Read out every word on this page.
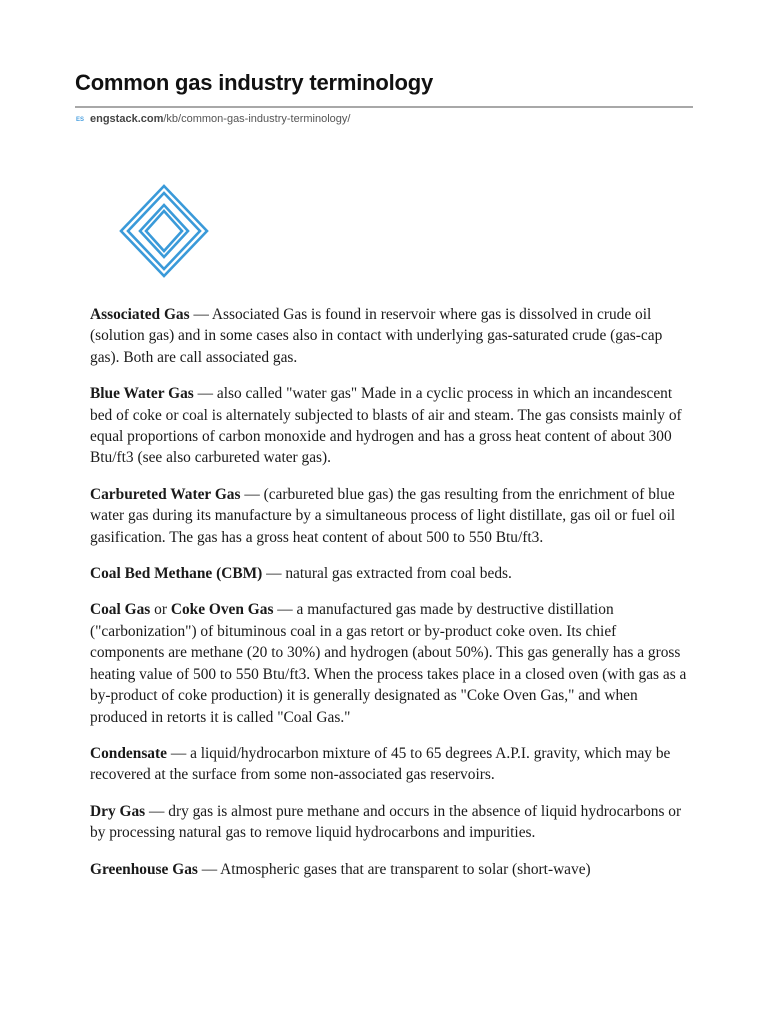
Common gas industry terminology
ES engstack.com/kb/common-gas-industry-terminology/

Associated Gas — Associated Gas is found in reservoir where gas is dissolved in crude oil (solution gas) and in some cases also in contact with underlying gas-saturated crude (gas-cap gas). Both are call associated gas.

Blue Water Gas — also called "water gas" Made in a cyclic process in which an incandescent bed of coke or coal is alternately subjected to blasts of air and steam. The gas consists mainly of equal proportions of carbon monoxide and hydrogen and has a gross heat content of about 300 Btu/ft3 (see also carbureted water gas).

Carbureted Water Gas — (carbureted blue gas) the gas resulting from the enrichment of blue water gas during its manufacture by a simultaneous process of light distillate, gas oil or fuel oil gasification. The gas has a gross heat content of about 500 to 550 Btu/ft3.

Coal Bed Methane (CBM) — natural gas extracted from coal beds.

Coal Gas or Coke Oven Gas — a manufactured gas made by destructive distillation ("carbonization") of bituminous coal in a gas retort or by-product coke oven. Its chief components are methane (20 to 30%) and hydrogen (about 50%). This gas generally has a gross heating value of 500 to 550 Btu/ft3. When the process takes place in a closed oven (with gas as a by-product of coke production) it is generally designated as "Coke Oven Gas," and when produced in retorts it is called "Coal Gas."

Condensate — a liquid/hydrocarbon mixture of 45 to 65 degrees A.P.I. gravity, which may be recovered at the surface from some non-associated gas reservoirs.

Dry Gas — dry gas is almost pure methane and occurs in the absence of liquid hydrocarbons or by processing natural gas to remove liquid hydrocarbons and impurities.

Greenhouse Gas — Atmospheric gases that are transparent to solar (short-wave)
